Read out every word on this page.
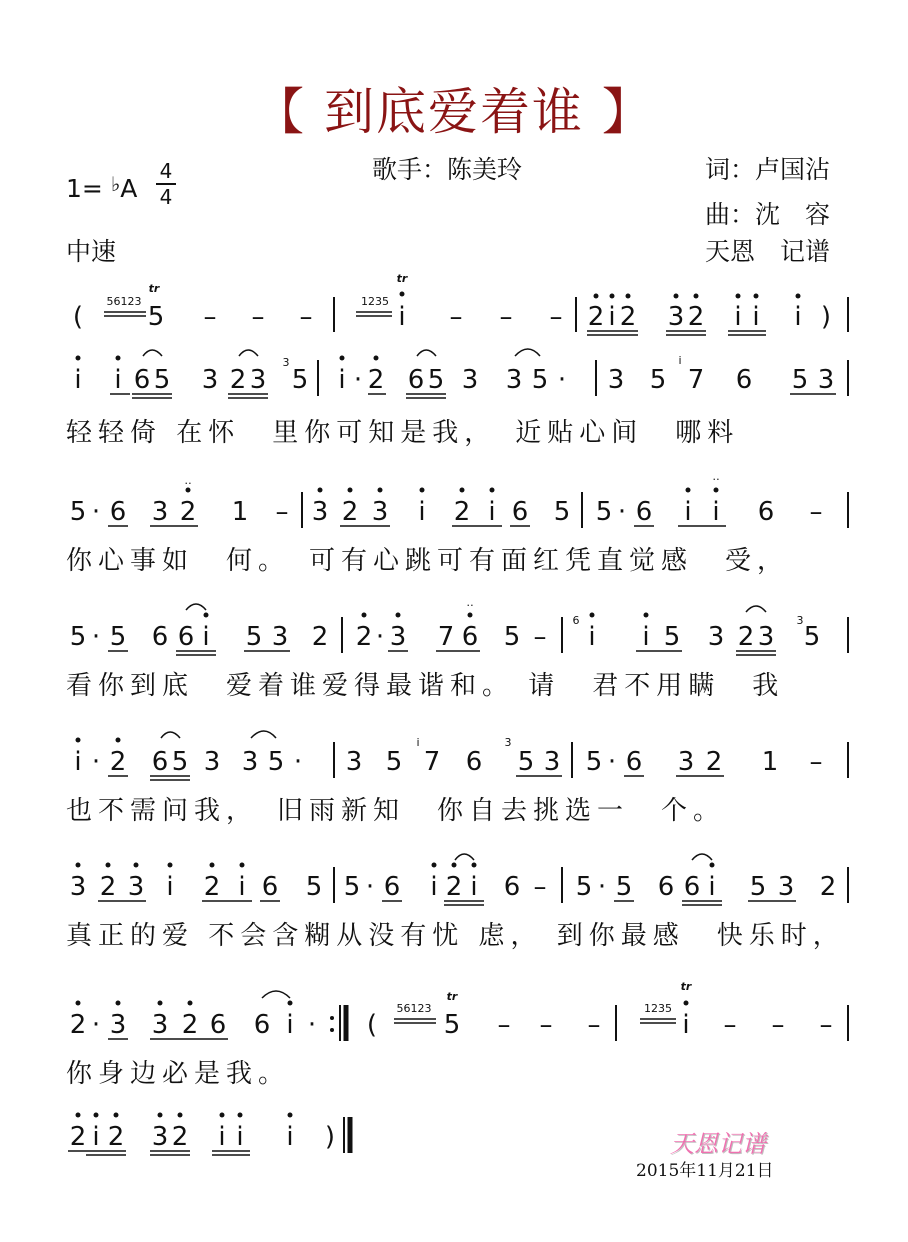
【 到底爱着谁 】
1= ♭A
4
4
中速
歌手：陈美玲	词：卢国沾
曲：沈　容
天恩　记谱
(
56123
tr
5 – – –
1235
tr
i – – – 2 i 2 3 2 i i i )
i i 6 5 3 2 3
3
5 i · 2 6 5 3 3 5 · 3 5
i
7 6 5 3
5 · 6 3 2
‥
1 – 3 2 3 i 2 i 6 5 5 · 6 i i
‥
6 –
5 · 5 6 6 i 5 3 2 2 · 3 7 6
‥
5 –
6
i i 5 3 2 3
3
5
i · 2 6 5 3 3 5 · 3 5
i
7 6
3
5 3 5 · 6 3 2 1 –
3 2 3 i 2 i 6 5 5 · 6 i 2 i 6 – 5 · 5 6 6 i 5 3 2
2 · 3 3 2 6 6 i · (
56123
tr
5 – – –
1235
tr
i – – –
2 i 2 3 2 i i i )
轻轻倚 在怀　里你可知是我，　近贴心间　哪料
你心事如　何。　可有心跳可有面红凭直觉感　受，
看你到底　爱着谁爱得最谐和。 请　君不用瞒　我
也不需问我，　旧雨新知　你自去挑选一　个。
真正的爱 不会含糊从没有忧 虑， 到你最感　快乐时，
你身边必是我。
天恩记谱
2015年11月21日
